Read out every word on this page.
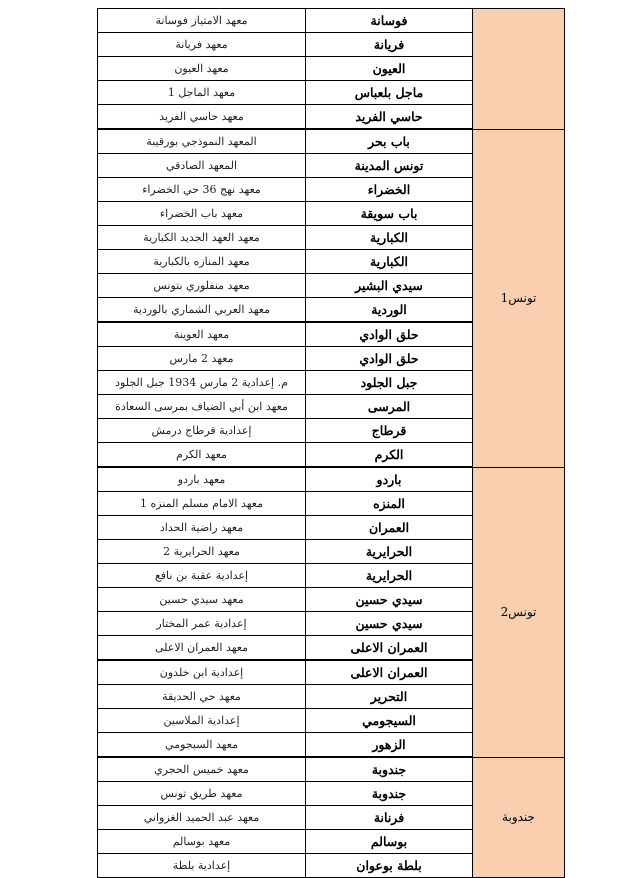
معهد الامتياز فوسانة	فوسانة	
معهد فريانة	فريانة	
معهد العيون	العيون	
معهد الماجل 1	ماجل بلعباس	
معهد حاسي الفريد	حاسي الفريد	
المعهد النموذجي بورقيبة	باب بحر	تونس1
المعهد الصادقي	تونس المدينة	
معهد نهج 36 حي الخضراء	الخضراء	
معهد باب الخضراء	باب سويقة	
معهد العهد الجديد الكبارية	الكبارية	
معهد المنازه بالكبارية	الكبارية	
معهد منفلوري بتونس	سيدي البشير	
معهد العربي الشماري بالوردية	الوردية	
معهد العوينة	حلق الوادي	
معهد 2 مارس	حلق الوادي	
م. إعدادية 2 مارس 1934 جبل الجلود	جبل الجلود	
معهد ابن أبي الضياف بمرسى السعادة	المرسى	
إعدادية قرطاج درمش	قرطاج	
معهد الكرم	الكرم	
معهد باردو	باردو	تونس2
معهد الامام مسلم المنزه 1	المنزه	
معهد راضية الحداد	العمران	
معهد الحرايرية 2	الحرايرية	
إعدادية عقبة بن نافع	الحرايرية	
معهد سيدي حسين	سيدي حسين	
إعدادية عمر المختار	سيدي حسين	
معهد العمران الاعلى	العمران الاعلى	
إعدادية ابن خلدون	العمران الاعلى	
معهد حي الحديقة	التحرير	
إعدادية الملاسين	السيجومي	
معهد السيجومي	الزهور	
معهد خميس الحجري	جندوبة	جندوبة
معهد طريق تونس	جندوبة	
معهد عبد الحميد الغزواني	فرنانة	
معهد بوسالم	بوسالم	
إعدادية بلطة	بلطة بوعوان	
